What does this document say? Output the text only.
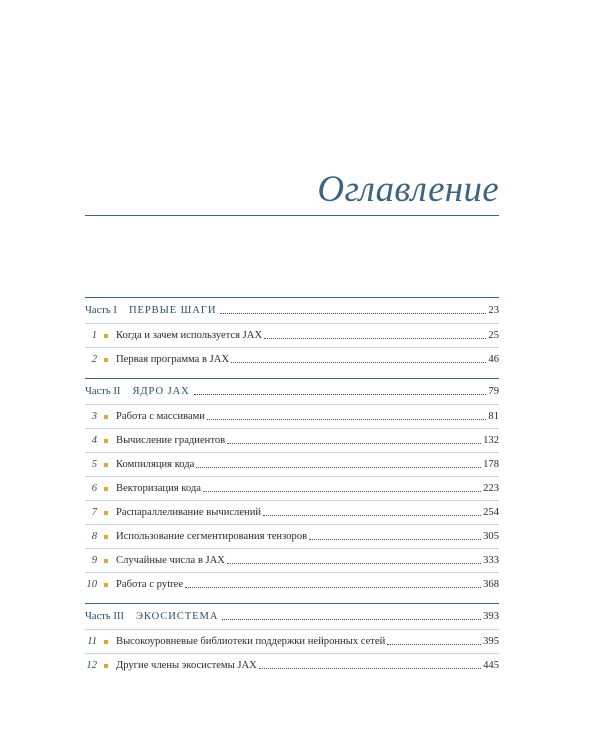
Оглавление
Часть I ПЕРВЫЕ ШАГИ	23
1 Когда и зачем используется JAX	25
2 Первая программа в JAX	46
Часть II ЯДРО JAX	79
3 Работа с массивами	81
4 Вычисление градиентов	132
5 Компиляция кода	178
6 Векторизация кода	223
7 Распараллеливание вычислений	254
8 Использование сегментирования тензоров	305
9 Случайные числа в JAX	333
10 Работа с pytree	368
Часть III ЭКОСИСТЕМА	393
11 Высокоуровневые библиотеки поддержки нейронных сетей	395
12 Другие члены экосистемы JAX	445
